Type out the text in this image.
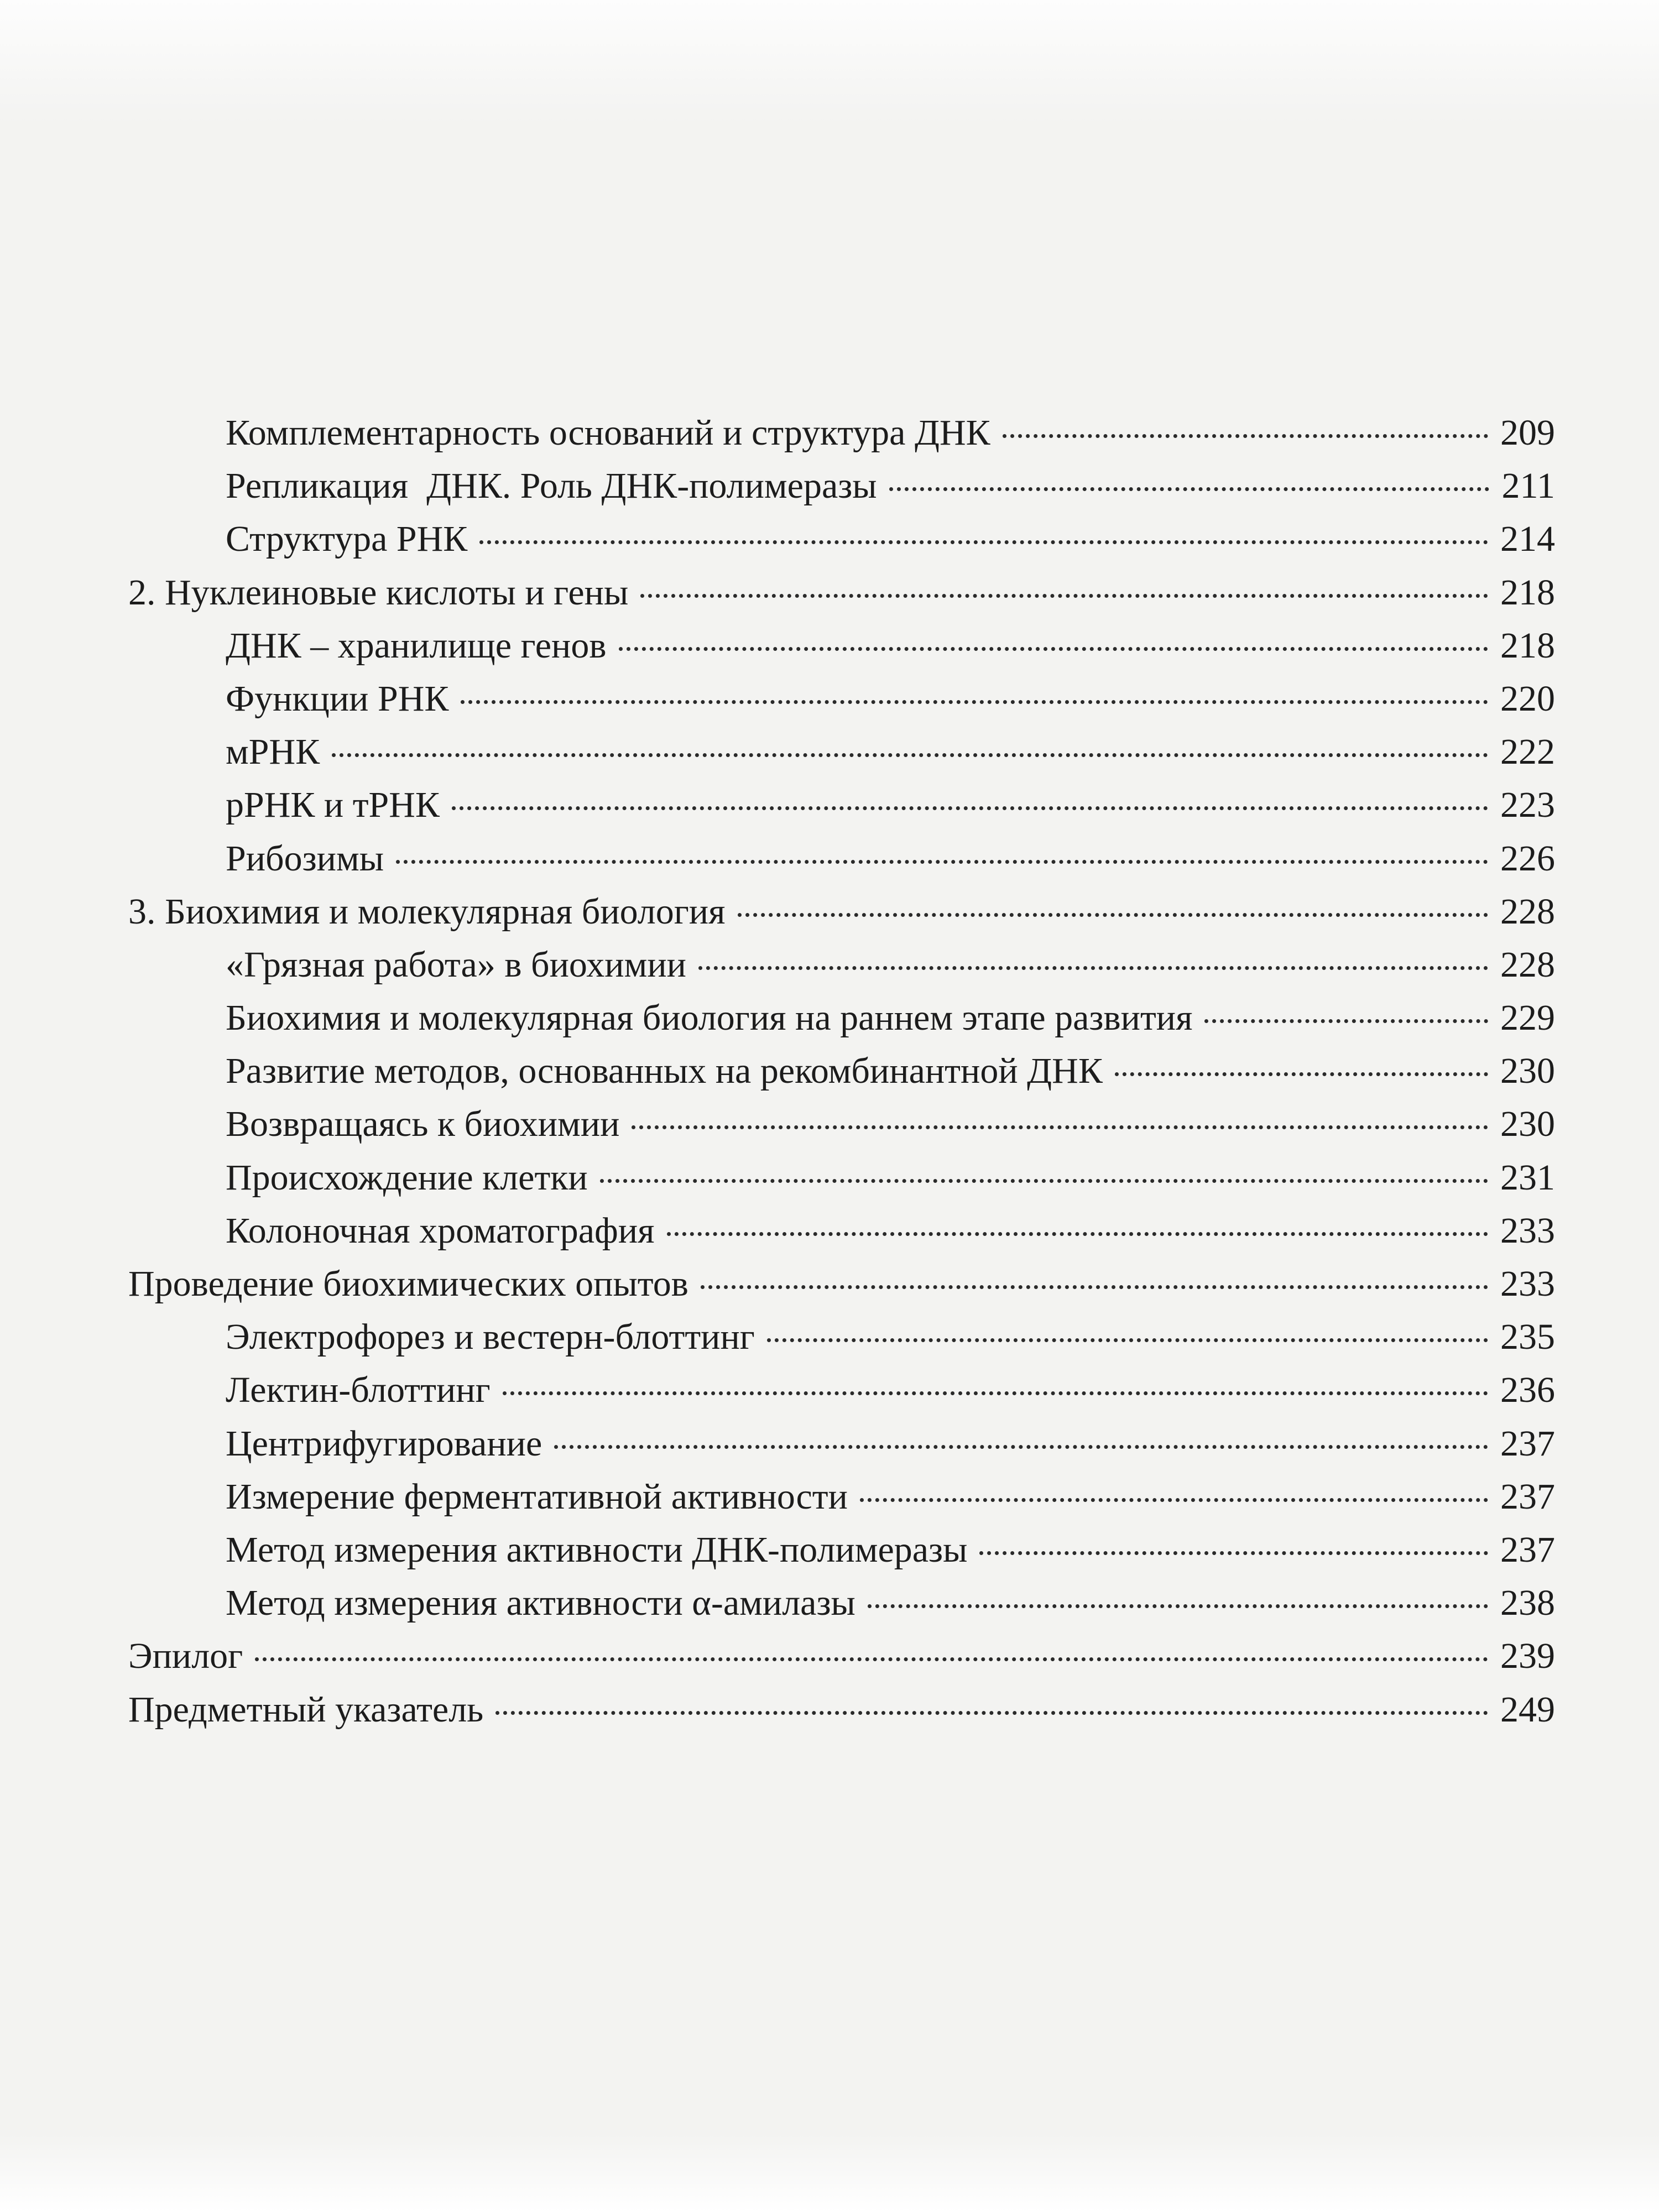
Комплементарность оснований и структура ДНК	209
Репликация  ДНК. Роль ДНК-полимеразы	211
Структура РНК	214
2. Нуклеиновые кислоты и гены	218
ДНК – хранилище генов	218
Функции РНК	220
мРНК	222
рРНК и тРНК	223
Рибозимы	226
3. Биохимия и молекулярная биология	228
«Грязная работа» в биохимии	228
Биохимия и молекулярная биология на раннем этапе развития	229
Развитие методов, основанных на рекомбинантной ДНК	230
Возвращаясь к биохимии	230
Происхождение клетки	231
Колоночная хроматография	233
Проведение биохимических опытов	233
Электрофорез и вестерн-блоттинг	235
Лектин-блоттинг	236
Центрифугирование	237
Измерение ферментативной активности	237
Метод измерения активности ДНК-полимеразы	237
Метод измерения активности α-амилазы	238
Эпилог	239
Предметный указатель	249
